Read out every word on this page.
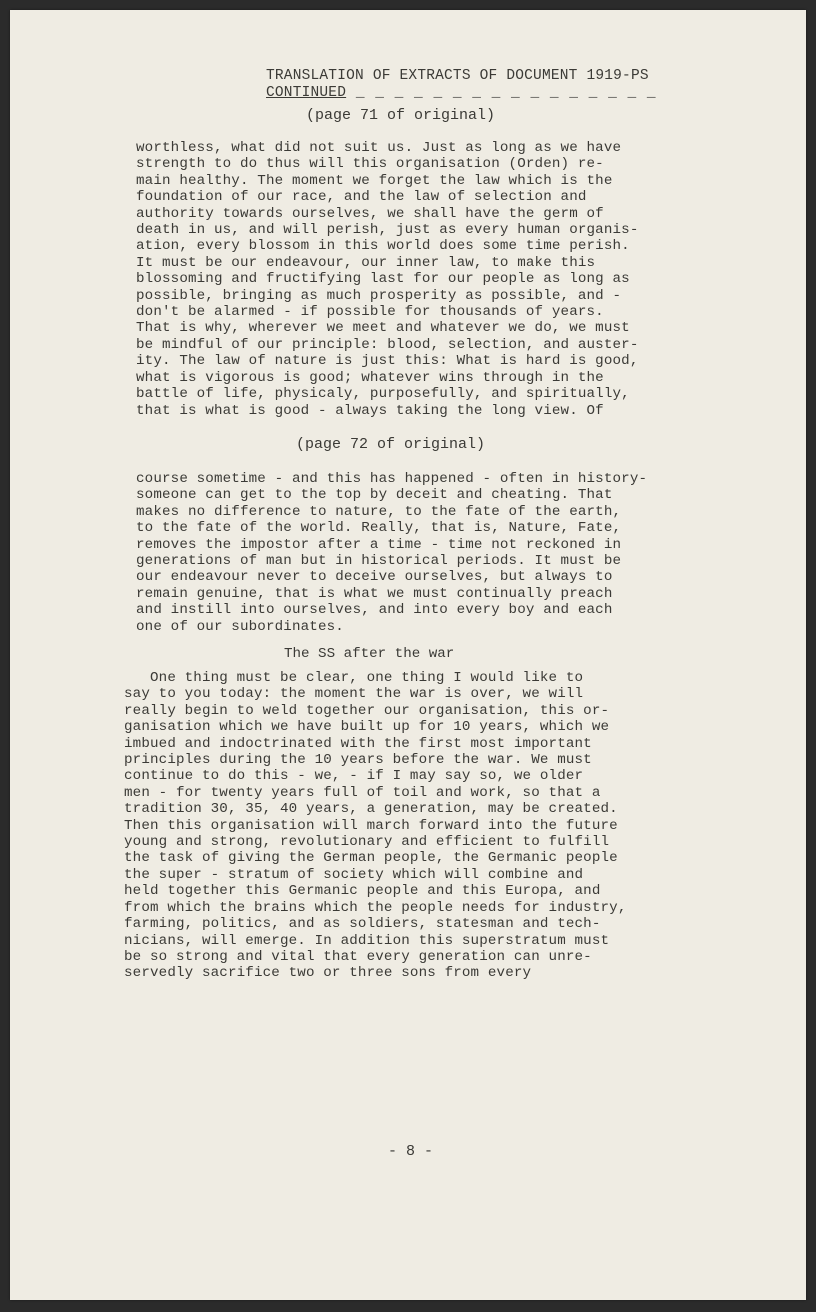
TRANSLATION OF EXTRACTS OF DOCUMENT 1919-PS
CONTINUED _ _ _ _ _ _ _ _ _ _ _ _ _ _ _ _
(page 71 of original)
worthless, what did not suit us. Just as long as we have
strength to do thus will this organisation (Orden) re-
main healthy. The moment we forget the law which is the
foundation of our race, and the law of selection and
authority towards ourselves, we shall have the germ of
death in us, and will perish, just as every human organis-
ation, every blossom in this world does some time perish.
It must be our endeavour, our inner law, to make this
blossoming and fructifying last for our people as long as
possible, bringing as much prosperity as possible, and -
don't be alarmed - if possible for thousands of years.
That is why, wherever we meet and whatever we do, we must
be mindful of our principle: blood, selection, and auster-
ity. The law of nature is just this: What is hard is good,
what is vigorous is good; whatever wins through in the
battle of life, physicaly, purposefully, and spiritually,
that is what is good - always taking the long view. Of
(page 72 of original)
course sometime - and this has happened - often in history-
someone can get to the top by deceit and cheating. That
makes no difference to nature, to the fate of the earth,
to the fate of the world. Really, that is, Nature, Fate,
removes the impostor after a time - time not reckoned in
generations of man but in historical periods. It must be
our endeavour never to deceive ourselves, but always to
remain genuine, that is what we must continually preach
and instill into ourselves, and into every boy and each
one of our subordinates.
The SS after the war
One thing must be clear, one thing I would like to
say to you today: the moment the war is over, we will
really begin to weld together our organisation, this or-
ganisation which we have built up for 10 years, which we
imbued and indoctrinated with the first most important
principles during the 10 years before the war. We must
continue to do this - we, - if I may say so, we older
men - for twenty years full of toil and work, so that a
tradition 30, 35, 40 years, a generation, may be created.
Then this organisation will march forward into the future
young and strong, revolutionary and efficient to fulfill
the task of giving the German people, the Germanic people
the super - stratum of society which will combine and
held together this Germanic people and this Europa, and
from which the brains which the people needs for industry,
farming, politics, and as soldiers, statesman and tech-
nicians, will emerge. In addition this superstratum must
be so strong and vital that every generation can unre-
servedly sacrifice two or three sons from every
- 8 -
